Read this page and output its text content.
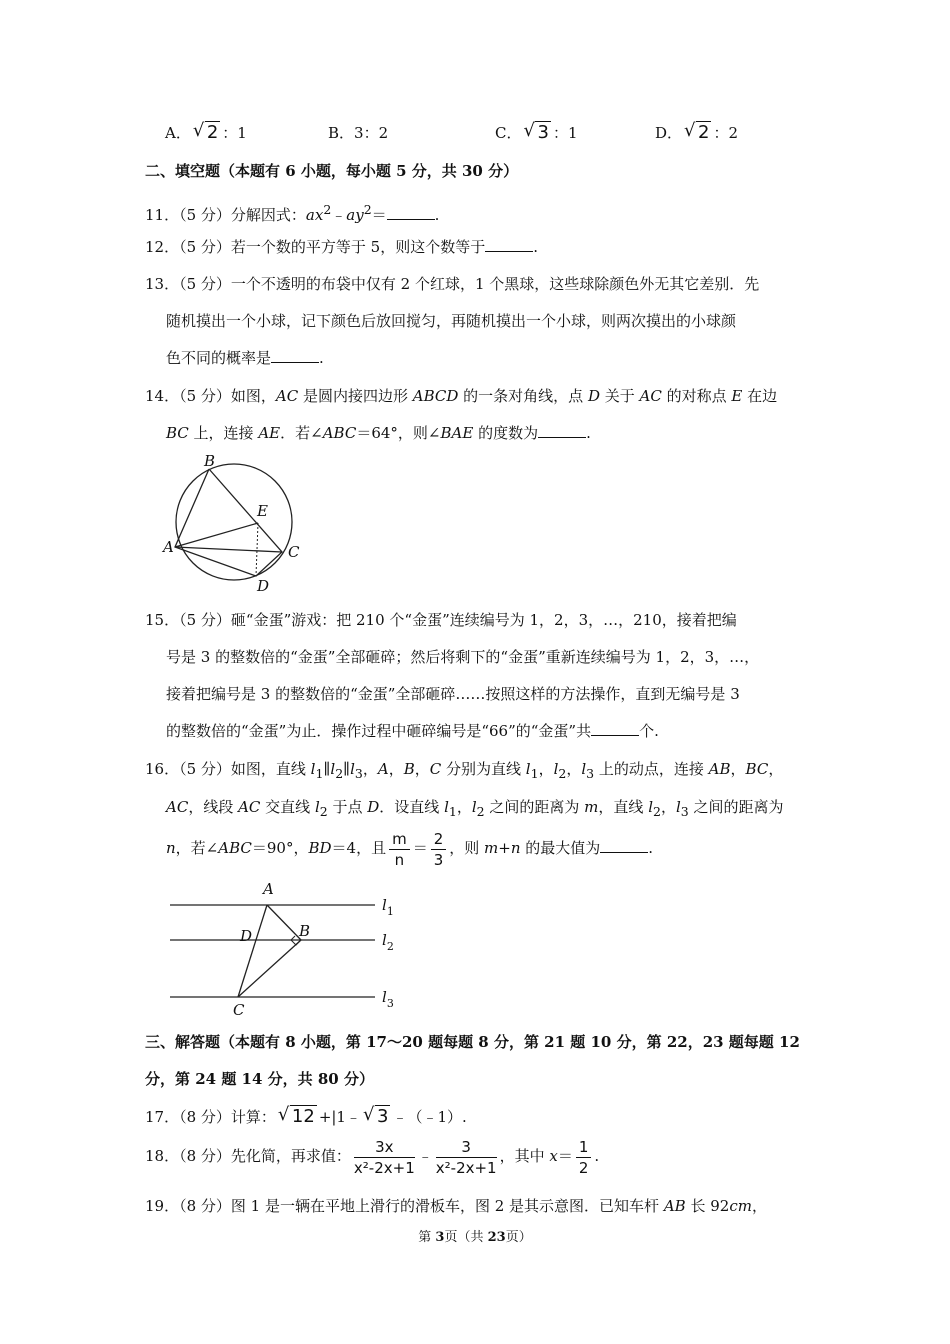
A． √ 2 ：1	B．3：2	C． √ 3 ：1	D． √ 2 ：2
二、填空题（本题有 6 小题，每小题 5 分，共 30 分）
11．（5 分）分解因式：$ax^2﹣ay^2=$	.
12．（5 分）若一个数的平方等于 5，则这个数等于	.
13．（5 分）一个不透明的布袋中仅有 2 个红球，1 个黑球，这些球除颜色外无其它差别．先
随机摸出一个小球，记下颜色后放回搅匀，再随机摸出一个小球，则两次摸出的小球颜
色不同的概率是	.
14．（5 分）如图，AC 是圆内接四边形 ABCD 的一条对角线，点 D 关于 AC 的对称点 E 在边
BC 上，连接 AE．若∠ABC＝64°，则∠BAE 的度数为	.
B
E
A	C
D
15．（5 分）砸“金蛋”游戏：把 210 个“金蛋”连续编号为 1，2，3，…，210，接着把编
号是 3 的整数倍的“金蛋”全部砸碎；然后将剩下的“金蛋”重新连续编号为 1，2，3，…，
接着把编号是 3 的整数倍的“金蛋”全部砸碎……按照这样的方法操作，直到无编号是 3
的整数倍的“金蛋”为止．操作过程中砸碎编号是“66”的“金蛋”共	个.
16．（5 分）如图，直线 $l_1\parallel l_2\parallel l_3$，A，B，C 分别为直线 $l_1$，$l_2$，$l_3$ 上的动点，连接 AB，BC，
AC，线段 AC 交直线 $l_2$ 于点 D．设直线 $l_1$，$l_2$ 之间的距离为 m，直线 $l_2$，$l_3$ 之间的距离为
n，若∠ABC＝90°，BD＝4，且 $\frac{m}{n} = \frac{2}{3}$ ，则 m+n 的最大值为	.
A
D	B
C
$l_1$
$l_2$
$l_3$
三、解答题（本题有 8 小题，第 17～20 题每题 8 分，第 21 题 10 分，第 22，23 题每题 12
分，第 24 题 14 分，共 80 分）
17．（8 分）计算： √ 12 +|1﹣ √ 3 ﹣（﹣1）.
18．（8 分）先化简，再求值： $\frac{3x}{\text{x²-2x+1}}$ ﹣ $\frac{3}{\text{x²-2x+1}}$ ，其中 $x= \frac{1}{2}$ .
19．（8 分）图 1 是一辆在平地上滑行的滑板车，图 2 是其示意图．已知车杆 AB 长 92cm，
第 3页（共 23页）
